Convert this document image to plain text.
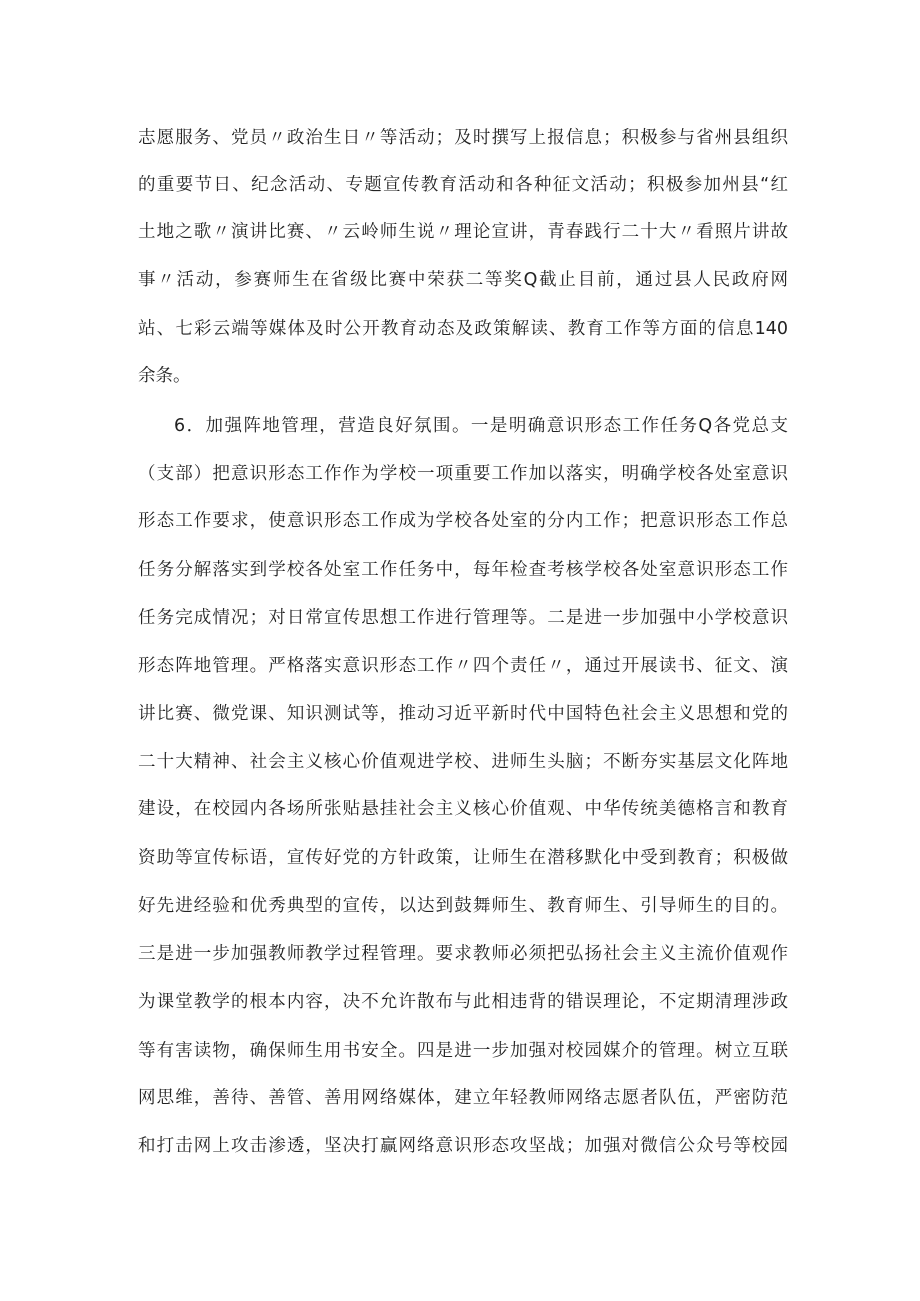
志愿服务、党员〃政治生日〃等活动；及时撰写上报信息；积极参与省州县组织
的重要节日、纪念活动、专题宣传教育活动和各种征文活动；积极参加州县“红
土地之歌〃演讲比赛、〃云岭师生说〃理论宣讲，青春践行二十大〃看照片讲故
事〃活动，参赛师生在省级比赛中荣获二等奖Q截止目前，通过县人民政府网
站、七彩云端等媒体及时公开教育动态及政策解读、教育工作等方面的信息140
余条。
6．加强阵地管理，营造良好氛围。一是明确意识形态工作任务Q各党总支
（支部）把意识形态工作作为学校一项重要工作加以落实，明确学校各处室意识
形态工作要求，使意识形态工作成为学校各处室的分内工作；把意识形态工作总
任务分解落实到学校各处室工作任务中，每年检查考核学校各处室意识形态工作
任务完成情况；对日常宣传思想工作进行管理等。二是进一步加强中小学校意识
形态阵地管理。严格落实意识形态工作〃四个责任〃，通过开展读书、征文、演
讲比赛、微党课、知识测试等，推动习近平新时代中国特色社会主义思想和党的
二十大精神、社会主义核心价值观进学校、进师生头脑；不断夯实基层文化阵地
建设，在校园内各场所张贴悬挂社会主义核心价值观、中华传统美德格言和教育
资助等宣传标语，宣传好党的方针政策，让师生在潜移默化中受到教育；积极做
好先进经验和优秀典型的宣传，以达到鼓舞师生、教育师生、引导师生的目的。
三是进一步加强教师教学过程管理。要求教师必须把弘扬社会主义主流价值观作
为课堂教学的根本内容，决不允许散布与此相违背的错误理论，不定期清理涉政
等有害读物，确保师生用书安全。四是进一步加强对校园媒介的管理。树立互联
网思维，善待、善管、善用网络媒体，建立年轻教师网络志愿者队伍，严密防范
和打击网上攻击渗透，坚决打赢网络意识形态攻坚战；加强对微信公众号等校园
